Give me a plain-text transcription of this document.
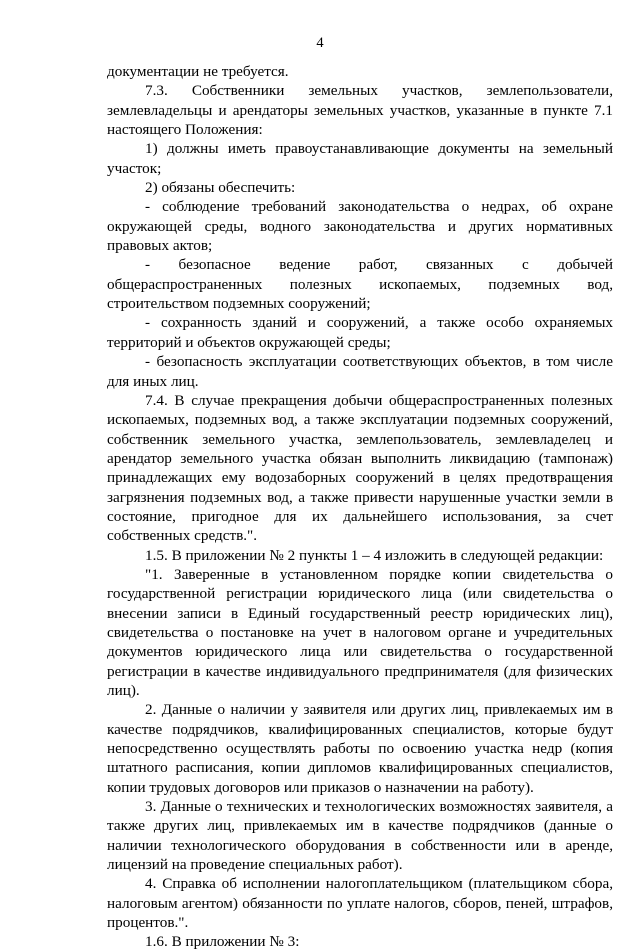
4

документации не требуется.

7.3. Собственники земельных участков, землепользователи, землевладельцы и арендаторы земельных участков, указанные в пункте 7.1 настоящего Положения:

1) должны иметь правоустанавливающие документы на земельный участок;

2) обязаны обеспечить:

- соблюдение требований законодательства о недрах, об охране окружающей среды, водного законодательства и других нормативных правовых актов;

- безопасное ведение работ, связанных с добычей общераспространенных полезных ископаемых, подземных вод, строительством подземных сооружений;

- сохранность зданий и сооружений, а также особо охраняемых территорий и объектов окружающей среды;

- безопасность эксплуатации соответствующих объектов, в том числе для иных лиц.

7.4. В случае прекращения добычи общераспространенных полезных ископаемых, подземных вод, а также эксплуатации подземных сооружений, собственник земельного участка, землепользователь, землевладелец и арендатор земельного участка обязан выполнить ликвидацию (тампонаж) принадлежащих ему водозаборных сооружений в целях предотвращения загрязнения подземных вод, а также привести нарушенные участки земли в состояние, пригодное для их дальнейшего использования, за счет собственных средств.".

1.5. В приложении № 2 пункты 1 – 4 изложить в следующей редакции:

"1. Заверенные в установленном порядке копии свидетельства о государственной регистрации юридического лица (или свидетельства о внесении записи в Единый государственный реестр юридических лиц), свидетельства о постановке на учет в налоговом органе и учредительных документов юридического лица или свидетельства о государственной регистрации в качестве индивидуального предпринимателя (для физических лиц).

2. Данные о наличии у заявителя или других лиц, привлекаемых им в качестве подрядчиков, квалифицированных специалистов, которые будут непосредственно осуществлять работы по освоению участка недр (копия штатного расписания, копии дипломов квалифицированных специалистов, копии трудовых договоров или приказов о назначении на работу).

3. Данные о технических и технологических возможностях заявителя, а также других лиц, привлекаемых им в качестве подрядчиков (данные о наличии технологического оборудования в собственности или в аренде, лицензий на проведение специальных работ).

4. Справка об исполнении налогоплательщиком (плательщиком сбора, налоговым агентом) обязанности по уплате налогов, сборов, пеней, штрафов, процентов.".

1.6. В приложении № 3:
